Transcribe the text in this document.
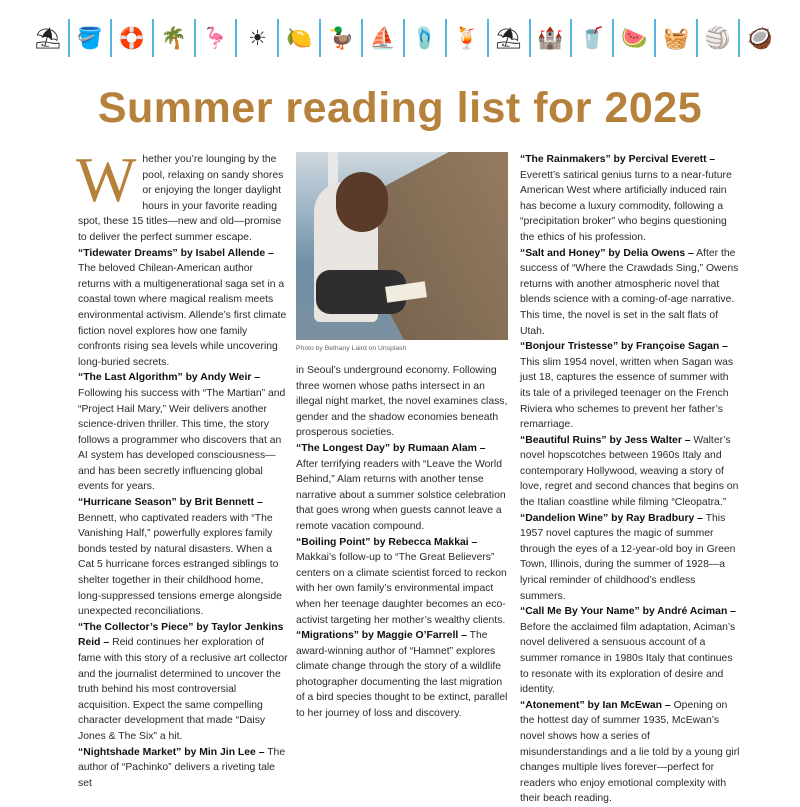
⛱ 🪣 🛟 🌴 🦩 ☀ 🍋 🦆 ⛵ 🩴 🍹 ⛱ 🏰 🥤 🍉 🧺 🏐 🥥
Summer reading list for 2025

Whether you’re lounging by the pool, relaxing on sandy shores or enjoying the longer daylight hours in your favorite reading spot, these 15 titles—new and old—promise to deliver the perfect summer escape.

“Tidewater Dreams” by Isabel Allende – The beloved Chilean-American author returns with a multigenerational saga set in a coastal town where magical realism meets environmental activism. Allende’s first climate fiction novel explores how one family confronts rising sea levels while uncovering long-buried secrets.

“The Last Algorithm” by Andy Weir – Following his success with “The Martian” and “Project Hail Mary,” Weir delivers another science-driven thriller. This time, the story follows a programmer who discovers that an AI system has developed consciousness—and has been secretly influencing global events for years.

“Hurricane Season” by Brit Bennett – Bennett, who captivated readers with “The Vanishing Half,” powerfully explores family bonds tested by natural disasters. When a Cat 5 hurricane forces estranged siblings to shelter together in their childhood home, long-suppressed tensions emerge alongside unexpected reconciliations.

“The Collector’s Piece” by Taylor Jenkins Reid – Reid continues her exploration of fame with this story of a reclusive art collector and the journalist determined to uncover the truth behind his most controversial acquisition. Expect the same compelling character development that made “Daisy Jones & The Six” a hit.

“Nightshade Market” by Min Jin Lee – The author of “Pachinko” delivers a riveting tale set

Photo by Bethany Laird on Unsplash

in Seoul’s underground economy. Following three women whose paths intersect in an illegal night market, the novel examines class, gender and the shadow economies beneath prosperous societies.

“The Longest Day” by Rumaan Alam – After terrifying readers with “Leave the World Behind,” Alam returns with another tense narrative about a summer solstice celebration that goes wrong when guests cannot leave a remote vacation compound.

“Boiling Point” by Rebecca Makkai – Makkai’s follow-up to “The Great Believers” centers on a climate scientist forced to reckon with her own family’s environmental impact when her teenage daughter becomes an eco-activist targeting her mother’s wealthy clients.

“Migrations” by Maggie O’Farrell – The award-winning author of “Hamnet” explores climate change through the story of a wildlife photographer documenting the last migration of a bird species thought to be extinct, parallel to her journey of loss and discovery.

“The Rainmakers” by Percival Everett – Everett’s satirical genius turns to a near-future American West where artificially induced rain has become a luxury commodity, following a “precipitation broker” who begins questioning the ethics of his profession.

“Salt and Honey” by Delia Owens – After the success of “Where the Crawdads Sing,” Owens returns with another atmospheric novel that blends science with a coming-of-age narrative. This time, the novel is set in the salt flats of Utah.

“Bonjour Tristesse” by Françoise Sagan – This slim 1954 novel, written when Sagan was just 18, captures the essence of summer with its tale of a privileged teenager on the French Riviera who schemes to prevent her father’s remarriage.

“Beautiful Ruins” by Jess Walter – Walter’s novel hopscotches between 1960s Italy and contemporary Hollywood, weaving a story of love, regret and second chances that begins on the Italian coastline while filming “Cleopatra.”

“Dandelion Wine” by Ray Bradbury – This 1957 novel captures the magic of summer through the eyes of a 12-year-old boy in Green Town, Illinois, during the summer of 1928—a lyrical reminder of childhood’s endless summers.

“Call Me By Your Name” by André Aciman – Before the acclaimed film adaptation, Aciman’s novel delivered a sensuous account of a summer romance in 1980s Italy that continues to resonate with its exploration of desire and identity.

“Atonement” by Ian McEwan – Opening on the hottest day of summer 1935, McEwan’s novel shows how a series of misunderstandings and a lie told by a young girl changes multiple lives forever—perfect for readers who enjoy emotional complexity with their beach reading.
